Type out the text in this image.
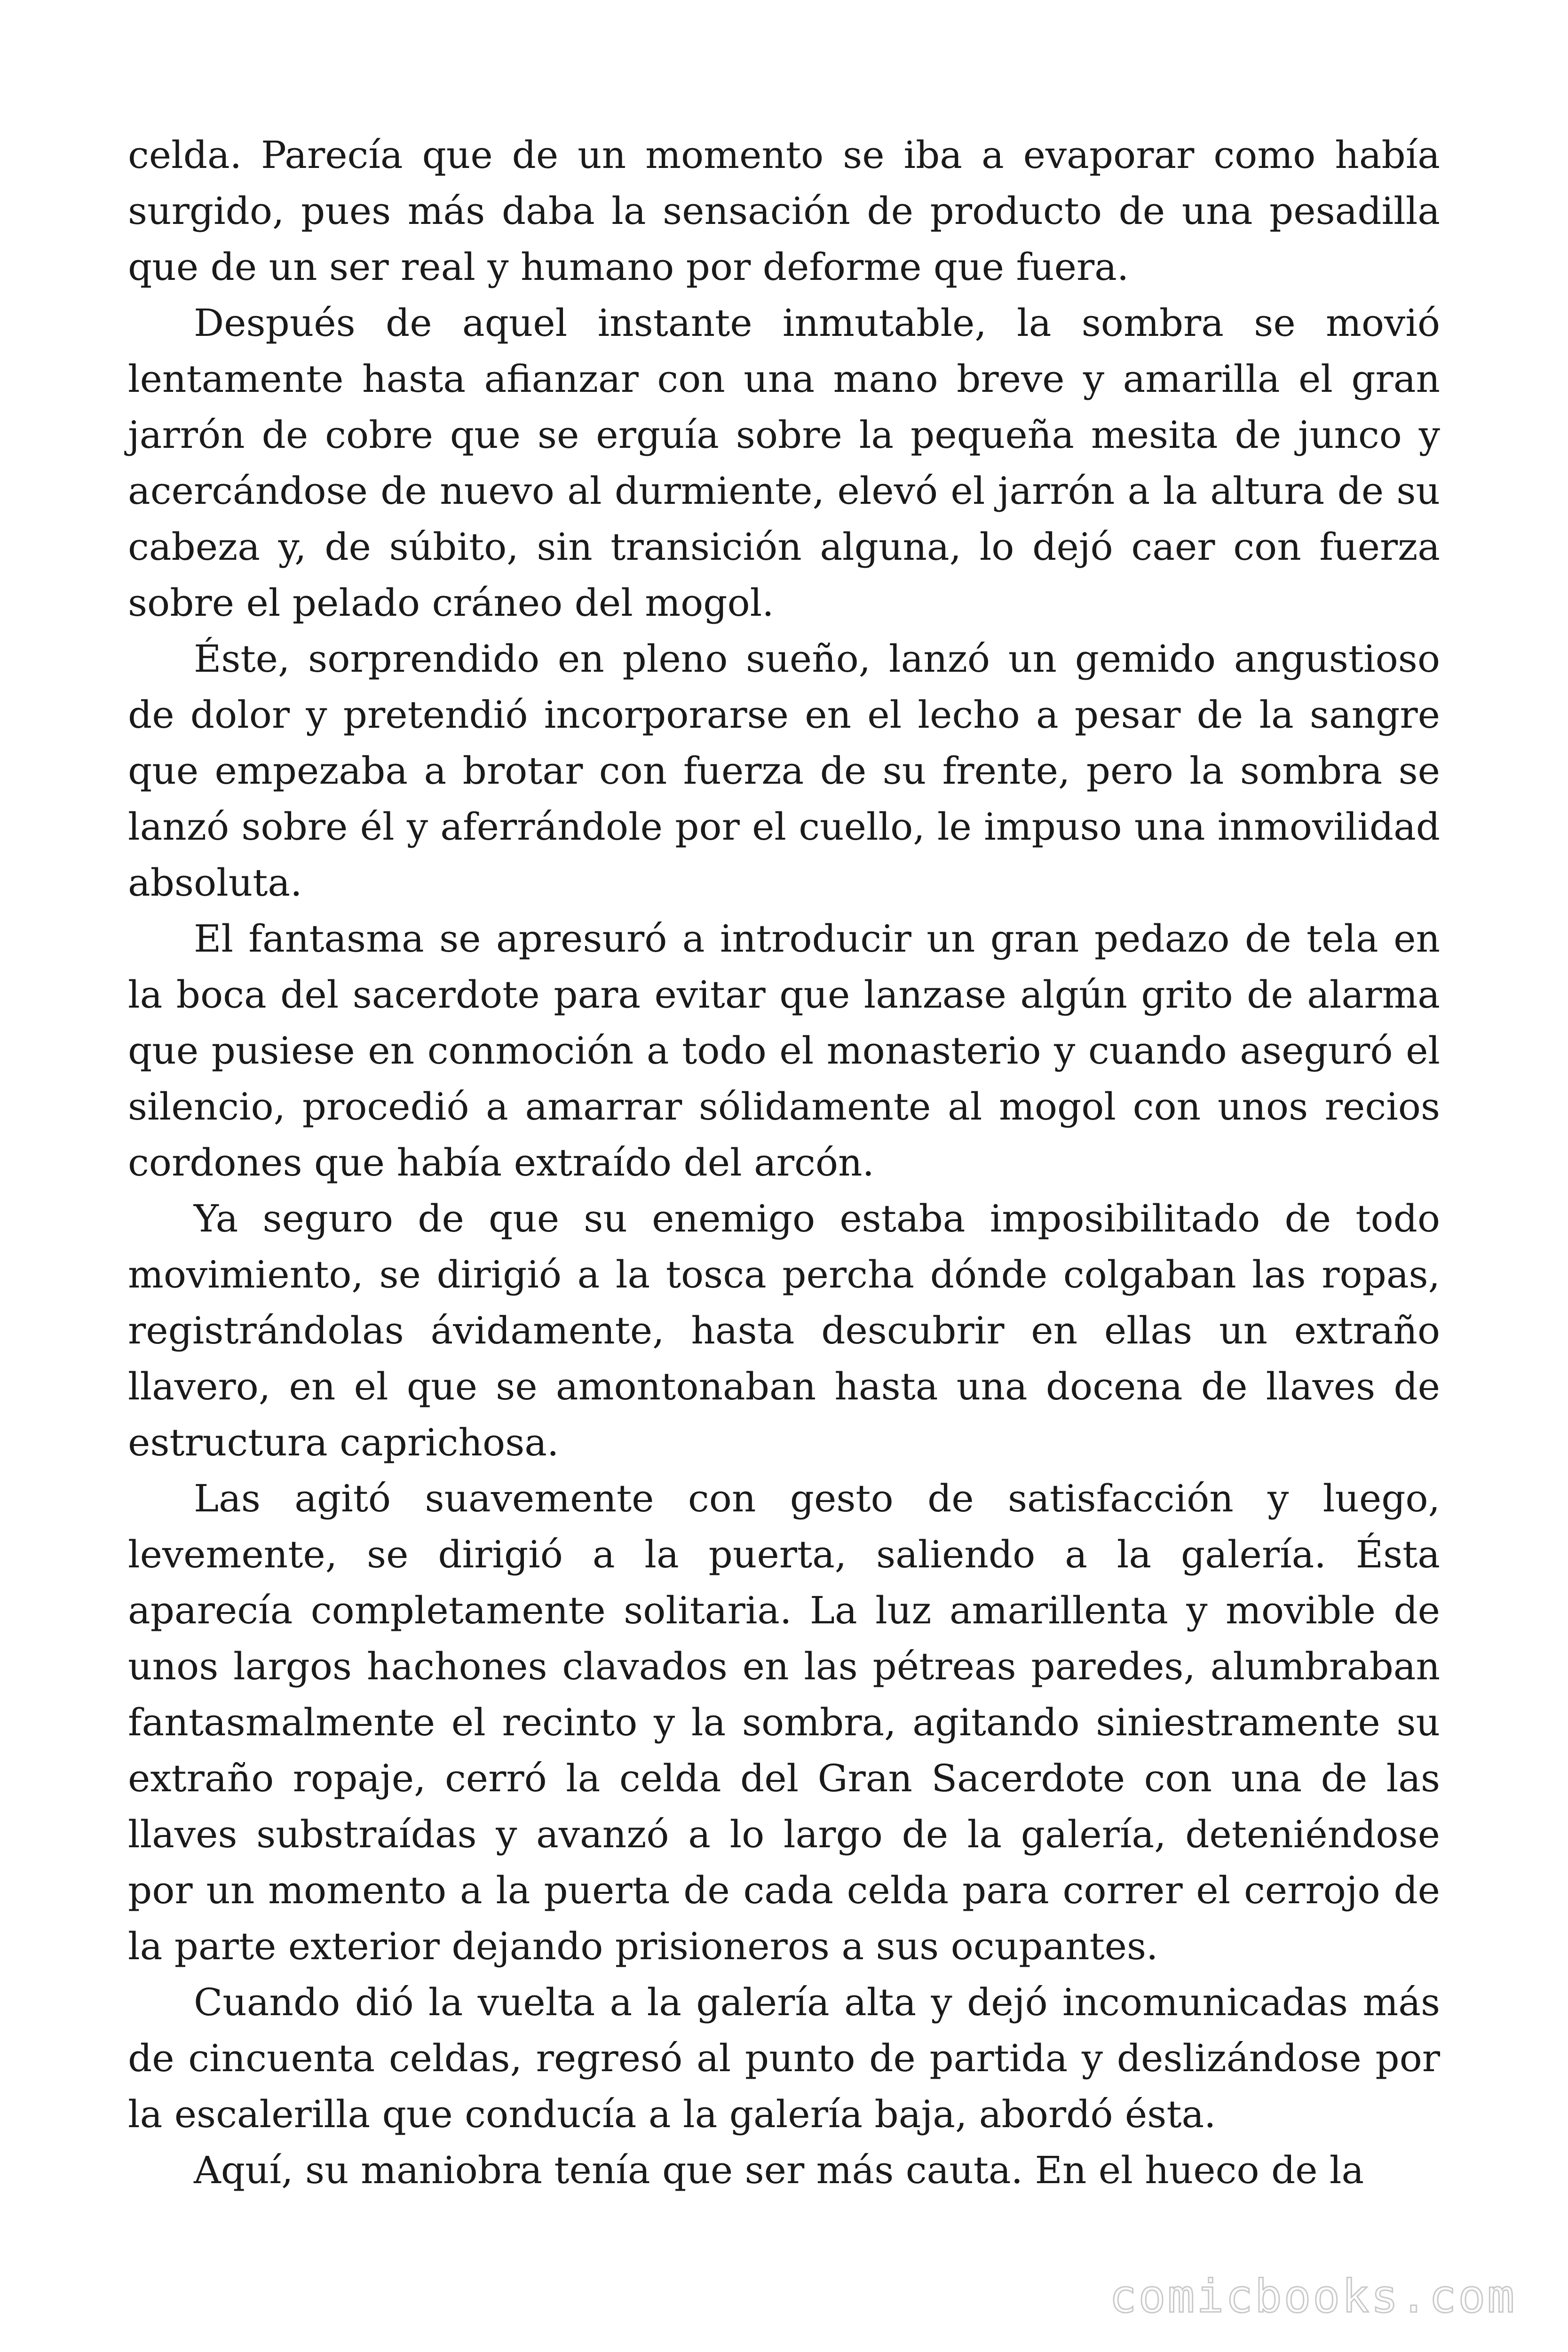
celda. Parecía que de un momento se iba a evaporar como había surgido, pues más daba la sensación de producto de una pesadilla que de un ser real y humano por deforme que fuera.

Después de aquel instante inmutable, la sombra se movió lentamente hasta afianzar con una mano breve y amarilla el gran jarrón de cobre que se erguía sobre la pequeña mesita de junco y acercándose de nuevo al durmiente, elevó el jarrón a la altura de su cabeza y, de súbito, sin transición alguna, lo dejó caer con fuerza sobre el pelado cráneo del mogol.

Éste, sorprendido en pleno sueño, lanzó un gemido angustioso de dolor y pretendió incorporarse en el lecho a pesar de la sangre que empezaba a brotar con fuerza de su frente, pero la sombra se lanzó sobre él y aferrándole por el cuello, le impuso una inmovilidad absoluta.

El fantasma se apresuró a introducir un gran pedazo de tela en la boca del sacerdote para evitar que lanzase algún grito de alarma que pusiese en conmoción a todo el monasterio y cuando aseguró el silencio, procedió a amarrar sólidamente al mogol con unos recios cordones que había extraído del arcón.

Ya seguro de que su enemigo estaba imposibilitado de todo movimiento, se dirigió a la tosca percha dónde colgaban las ropas, registrándolas ávidamente, hasta descubrir en ellas un extraño llavero, en el que se amontonaban hasta una docena de llaves de estructura caprichosa.

Las agitó suavemente con gesto de satisfacción y luego, levemente, se dirigió a la puerta, saliendo a la galería. Ésta aparecía completamente solitaria. La luz amarillenta y movible de unos largos hachones clavados en las pétreas paredes, alumbraban fantasmalmente el recinto y la sombra, agitando siniestramente su extraño ropaje, cerró la celda del Gran Sacerdote con una de las llaves substraídas y avanzó a lo largo de la galería, deteniéndose por un momento a la puerta de cada celda para correr el cerrojo de la parte exterior dejando prisioneros a sus ocupantes.

Cuando dió la vuelta a la galería alta y dejó incomunicadas más de cincuenta celdas, regresó al punto de partida y deslizándose por la escalerilla que conducía a la galería baja, abordó ésta.

Aquí, su maniobra tenía que ser más cauta. En el hueco de la

comicbooks.com
